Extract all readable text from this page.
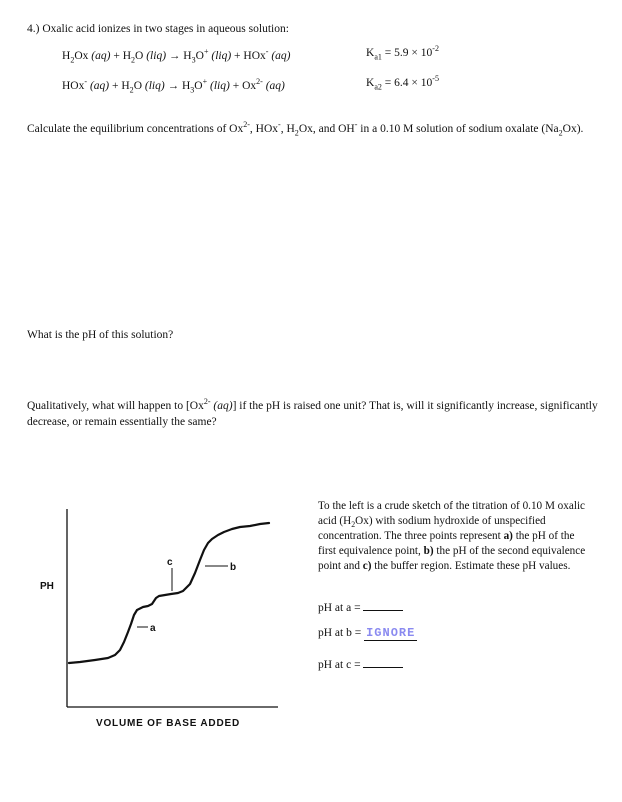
4.) Oxalic acid ionizes in two stages in aqueous solution:
$H_2Ox$ $(aq) + H_2O$ $(liq) \to H_3O^+$ (liq) + HOx- (aq)	$K_{a1} = 5.9 \times 10^{-2}$
HOx- $(aq) + H_2O$ $(liq) \to H_3O^+$ $(liq) + Ox^{2-}$ (aq)	$K_{a2} = 6.4 \times 10^{-5}$
Calculate the equilibrium concentrations of $Ox^{2-}$, HOx-, $H_2Ox$, and OH- in a 0.10 M solution of sodium oxalate $(Na_2Ox)$.
What is the pH of this solution?
Qualitatively, what will happen to [$Ox^{2-}$ (aq)] if the pH is raised one unit? That is, will it significantly increase, significantly decrease, or remain essentially the same?
a
b
c
PH
VOLUME OF BASE ADDED
To the left is a crude sketch of the titration of 0.10 M oxalic acid $(H_2Ox)$ with sodium hydroxide of unspecified concentration. The three points represent a) the pH of the first equivalence point, b) the pH of the second equivalence point and c) the buffer region. Estimate these pH values.
pH at a =
pH at b = IGNORE
pH at c =
